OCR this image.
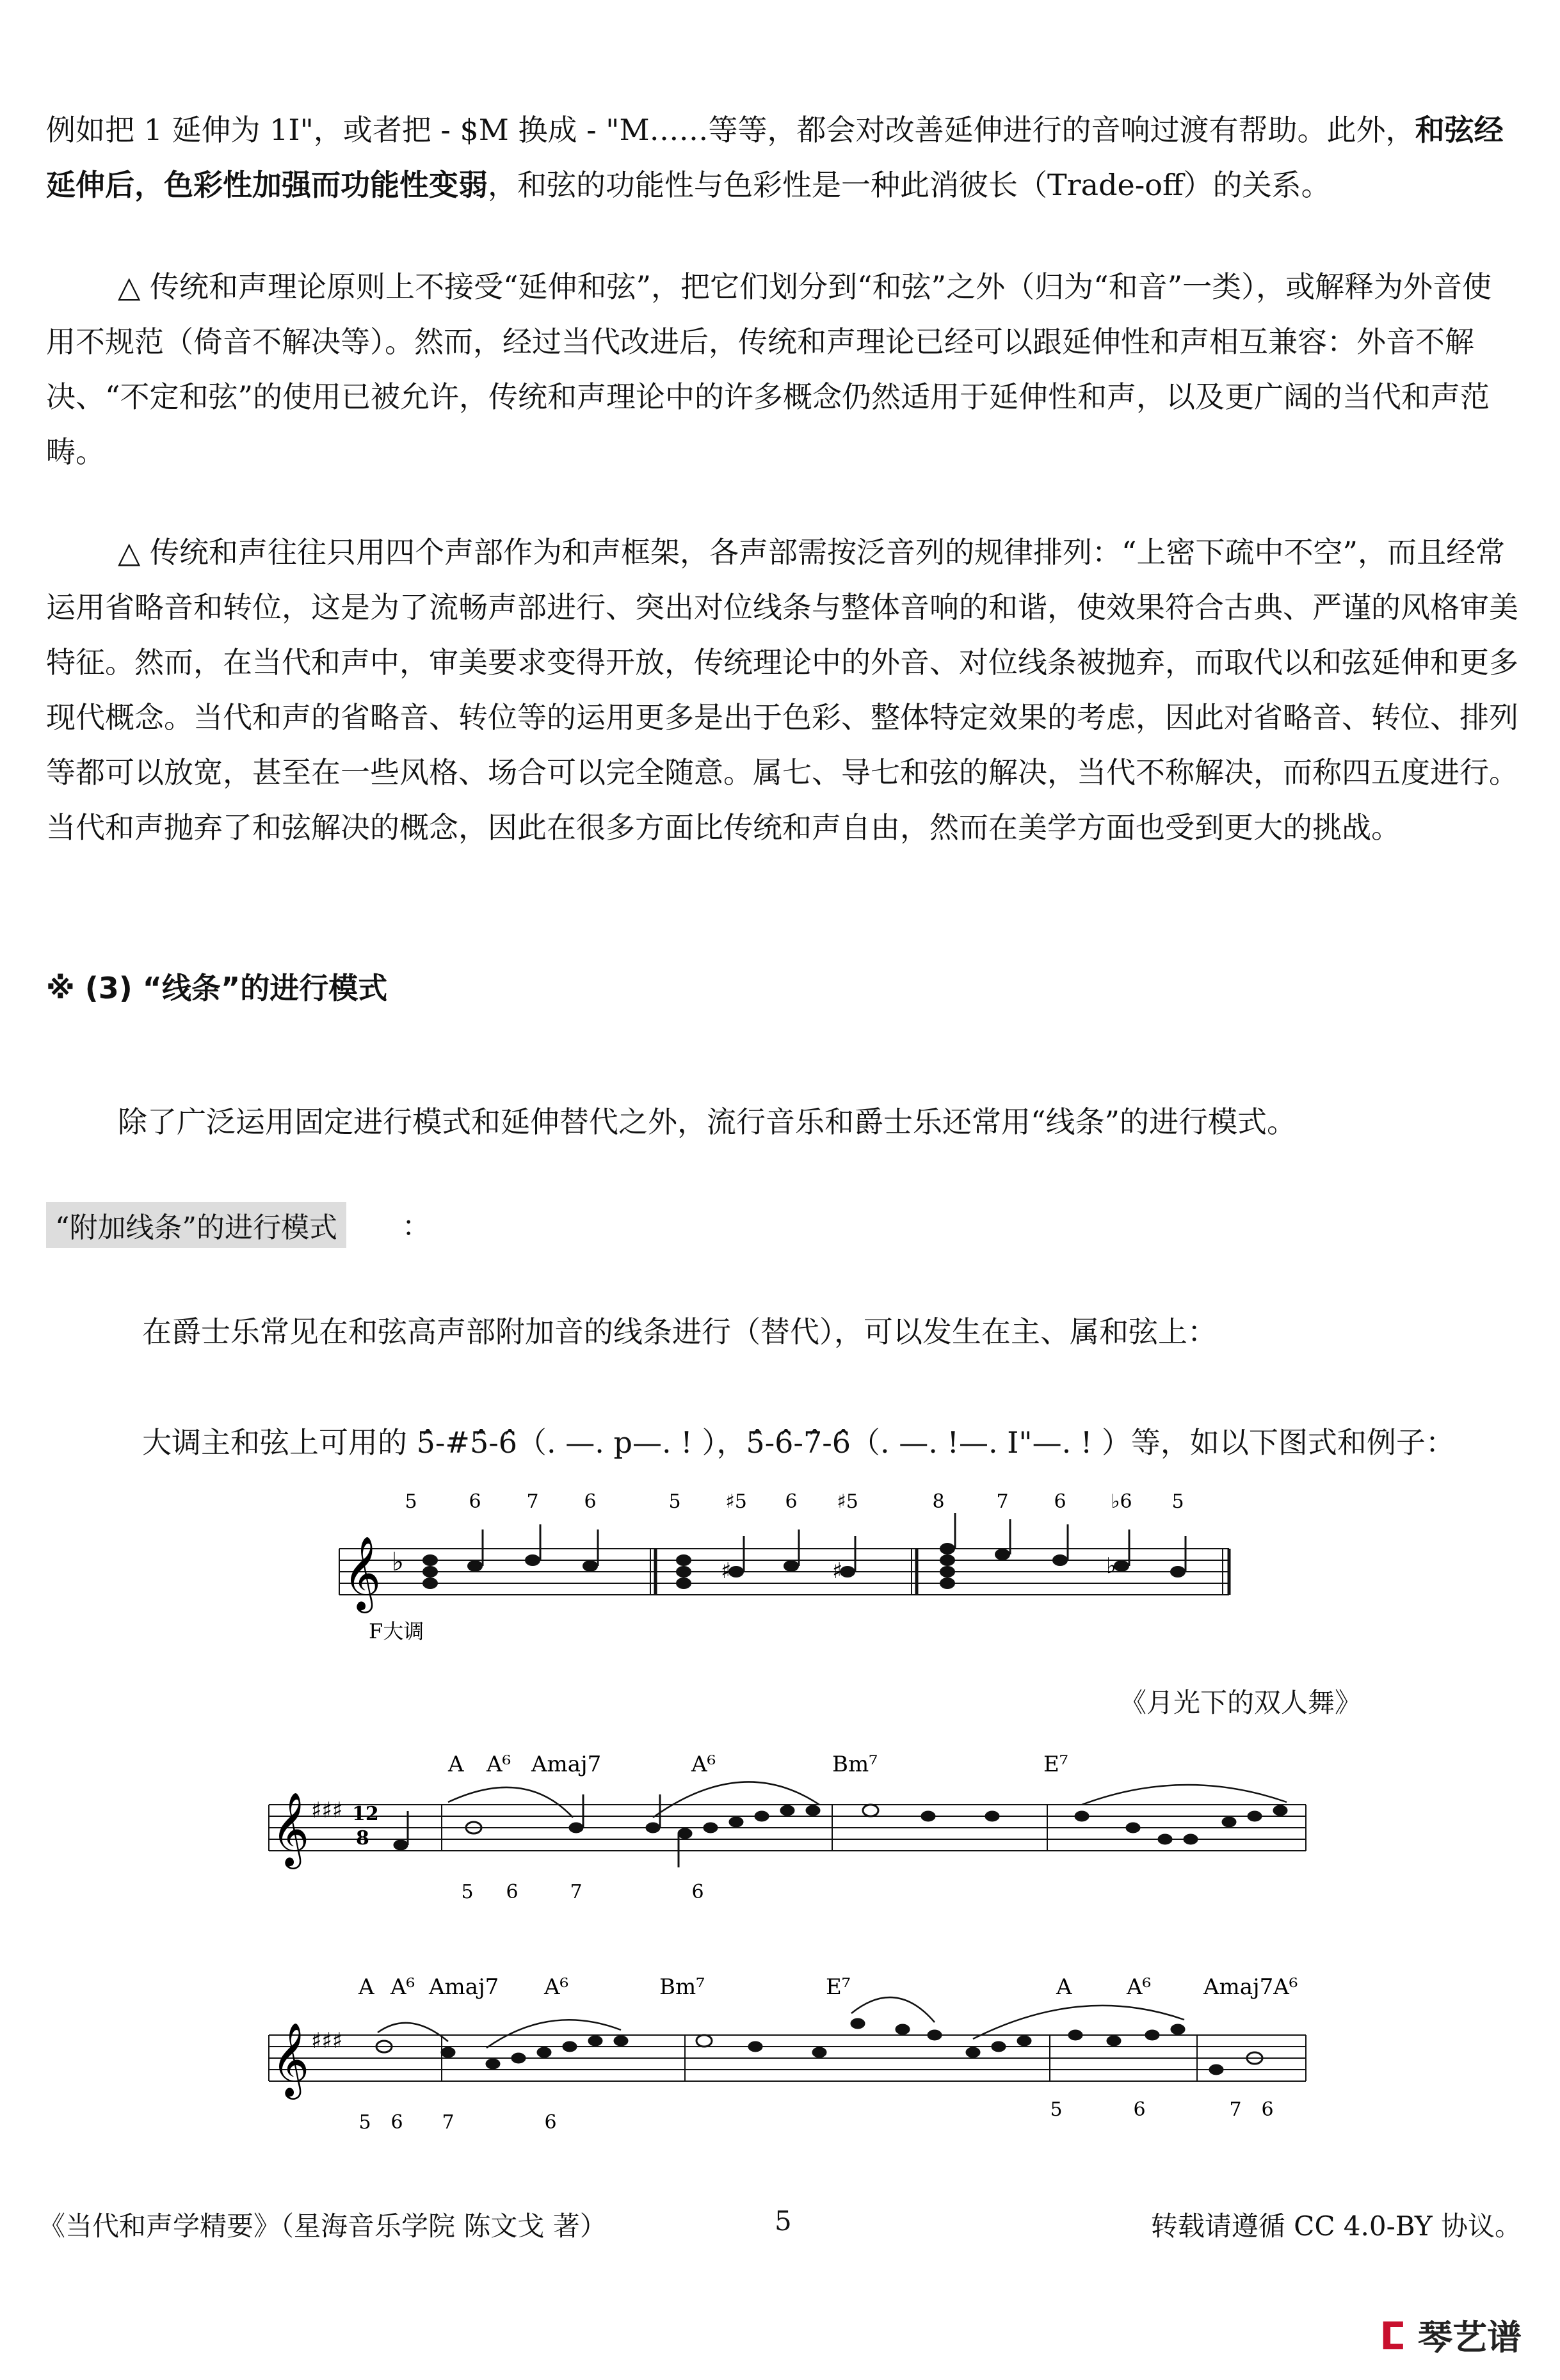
例如把 1 延伸为 1I"，或者把 - $M 换成 - "M……等等，都会对改善延伸进行的音响过渡有帮助。此外，和弦经延伸后，色彩性加强而功能性变弱，和弦的功能性与色彩性是一种此消彼长（Trade-off）的关系。
△ 传统和声理论原则上不接受“延伸和弦”，把它们划分到“和弦”之外（归为“和音”一类），或解释为外音使用不规范（倚音不解决等）。然而，经过当代改进后，传统和声理论已经可以跟延伸性和声相互兼容：外音不解决、“不定和弦”的使用已被允许，传统和声理论中的许多概念仍然适用于延伸性和声，以及更广阔的当代和声范畴。
△ 传统和声往往只用四个声部作为和声框架，各声部需按泛音列的规律排列：“上密下疏中不空”，而且经常运用省略音和转位，这是为了流畅声部进行、突出对位线条与整体音响的和谐，使效果符合古典、严谨的风格审美特征。然而，在当代和声中，审美要求变得开放，传统理论中的外音、对位线条被抛弃，而取代以和弦延伸和更多现代概念。当代和声的省略音、转位等的运用更多是出于色彩、整体特定效果的考虑，因此对省略音、转位、排列等都可以放宽，甚至在一些风格、场合可以完全随意。属七、导七和弦的解决，当代不称解决，而称四五度进行。当代和声抛弃了和弦解决的概念，因此在很多方面比传统和声自由，然而在美学方面也受到更大的挑战。
※ (3) “线条”的进行模式
除了广泛运用固定进行模式和延伸替代之外，流行音乐和爵士乐还常用“线条”的进行模式。
“附加线条”的进行模式	：
在爵士乐常见在和弦高声部附加音的线条进行（替代），可以发生在主、属和弦上：
大调主和弦上可用的 5̂-#5̂-6̂（. —. p—. ! ），5̂-6̂-7̂-6̂（. —. !—. I"—. ! ）等，如以下图式和例子：
𝄞 ♭	♯	♯	♭
5	6 7 6	5 ♯5 6 ♯5	8	7 6 ♭6 5
F大调
《月光下的双人舞》
𝄞 ♯♯♯ 12
8
A A⁶ Amaj7	A⁶	Bm⁷	E⁷
5 6	7	6
𝄞 ♯♯♯
A A⁶ Amaj7 A⁶	Bm⁷	E⁷	A	A⁶ Amaj7A⁶
5 6 7	6
5	6	7 6
《当代和声学精要》（星海音乐学院 陈文戈 著）	5	转载请遵循 CC 4.0-BY 协议。
ⵎ 琴艺谱
